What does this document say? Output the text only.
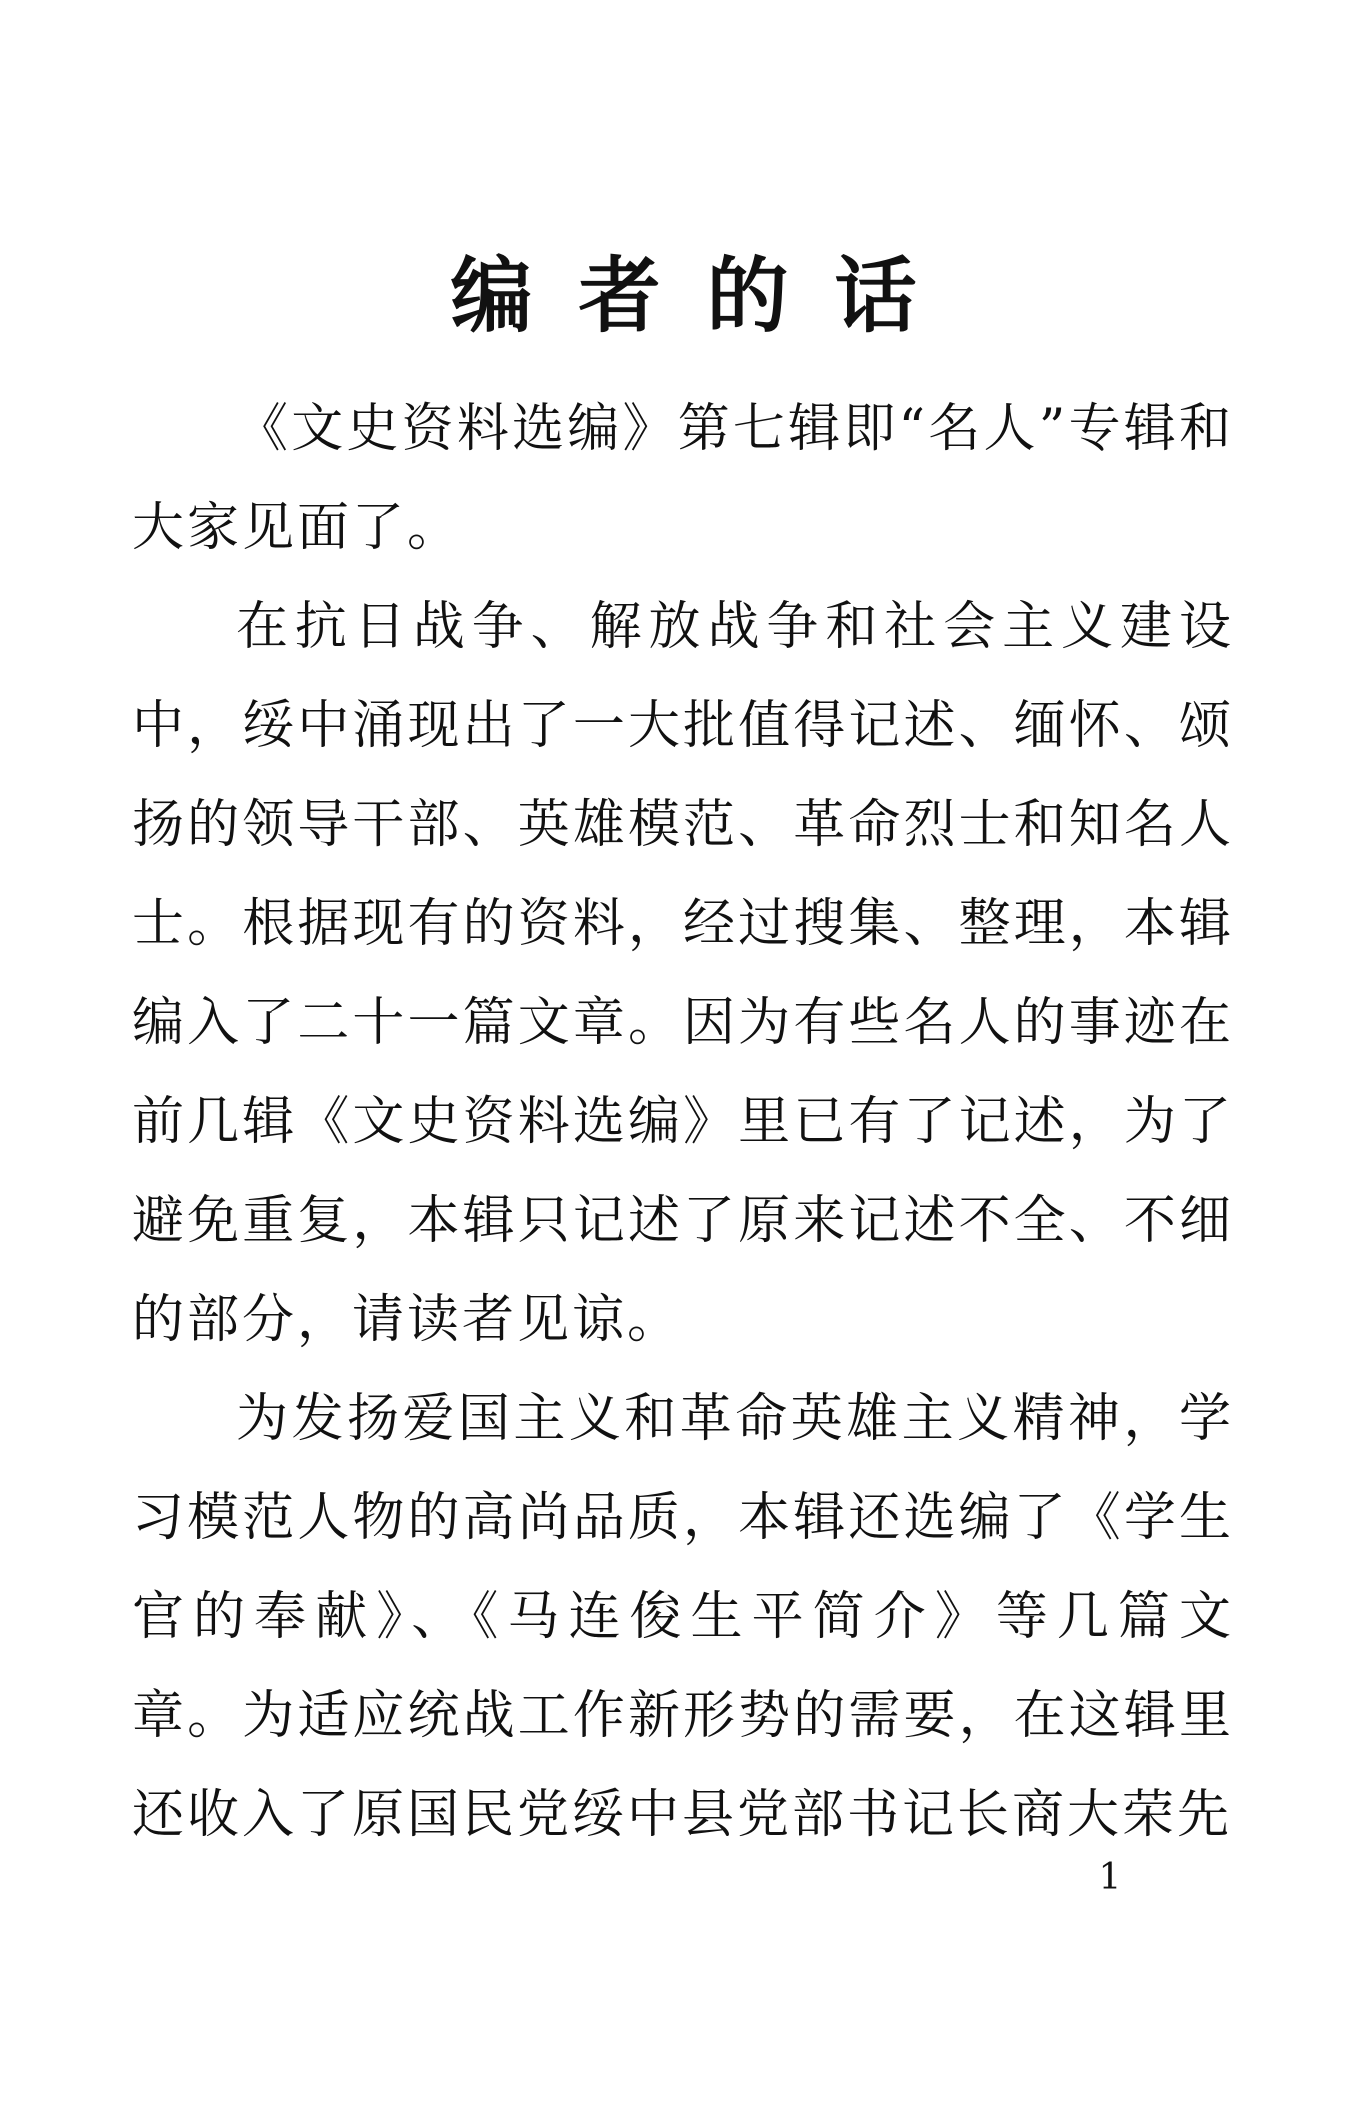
编者的话

《文史资料选编》第七辑即“名人”专辑和大家见面了。

在抗日战争、解放战争和社会主义建设中，绥中涌现出了一大批值得记述、缅怀、颂扬的领导干部、英雄模范、革命烈士和知名人士。根据现有的资料，经过搜集、整理，本辑编入了二十一篇文章。因为有些名人的事迹在前几辑《文史资料选编》里已有了记述，为了避免重复，本辑只记述了原来记述不全、不细的部分，请读者见谅。

为发扬爱国主义和革命英雄主义精神，学习模范人物的高尚品质，本辑还选编了《学生官的奉献》、《马连俊生平简介》等几篇文章。为适应统战工作新形势的需要，在这辑里还收入了原国民党绥中县党部书记长商大荣先

1
